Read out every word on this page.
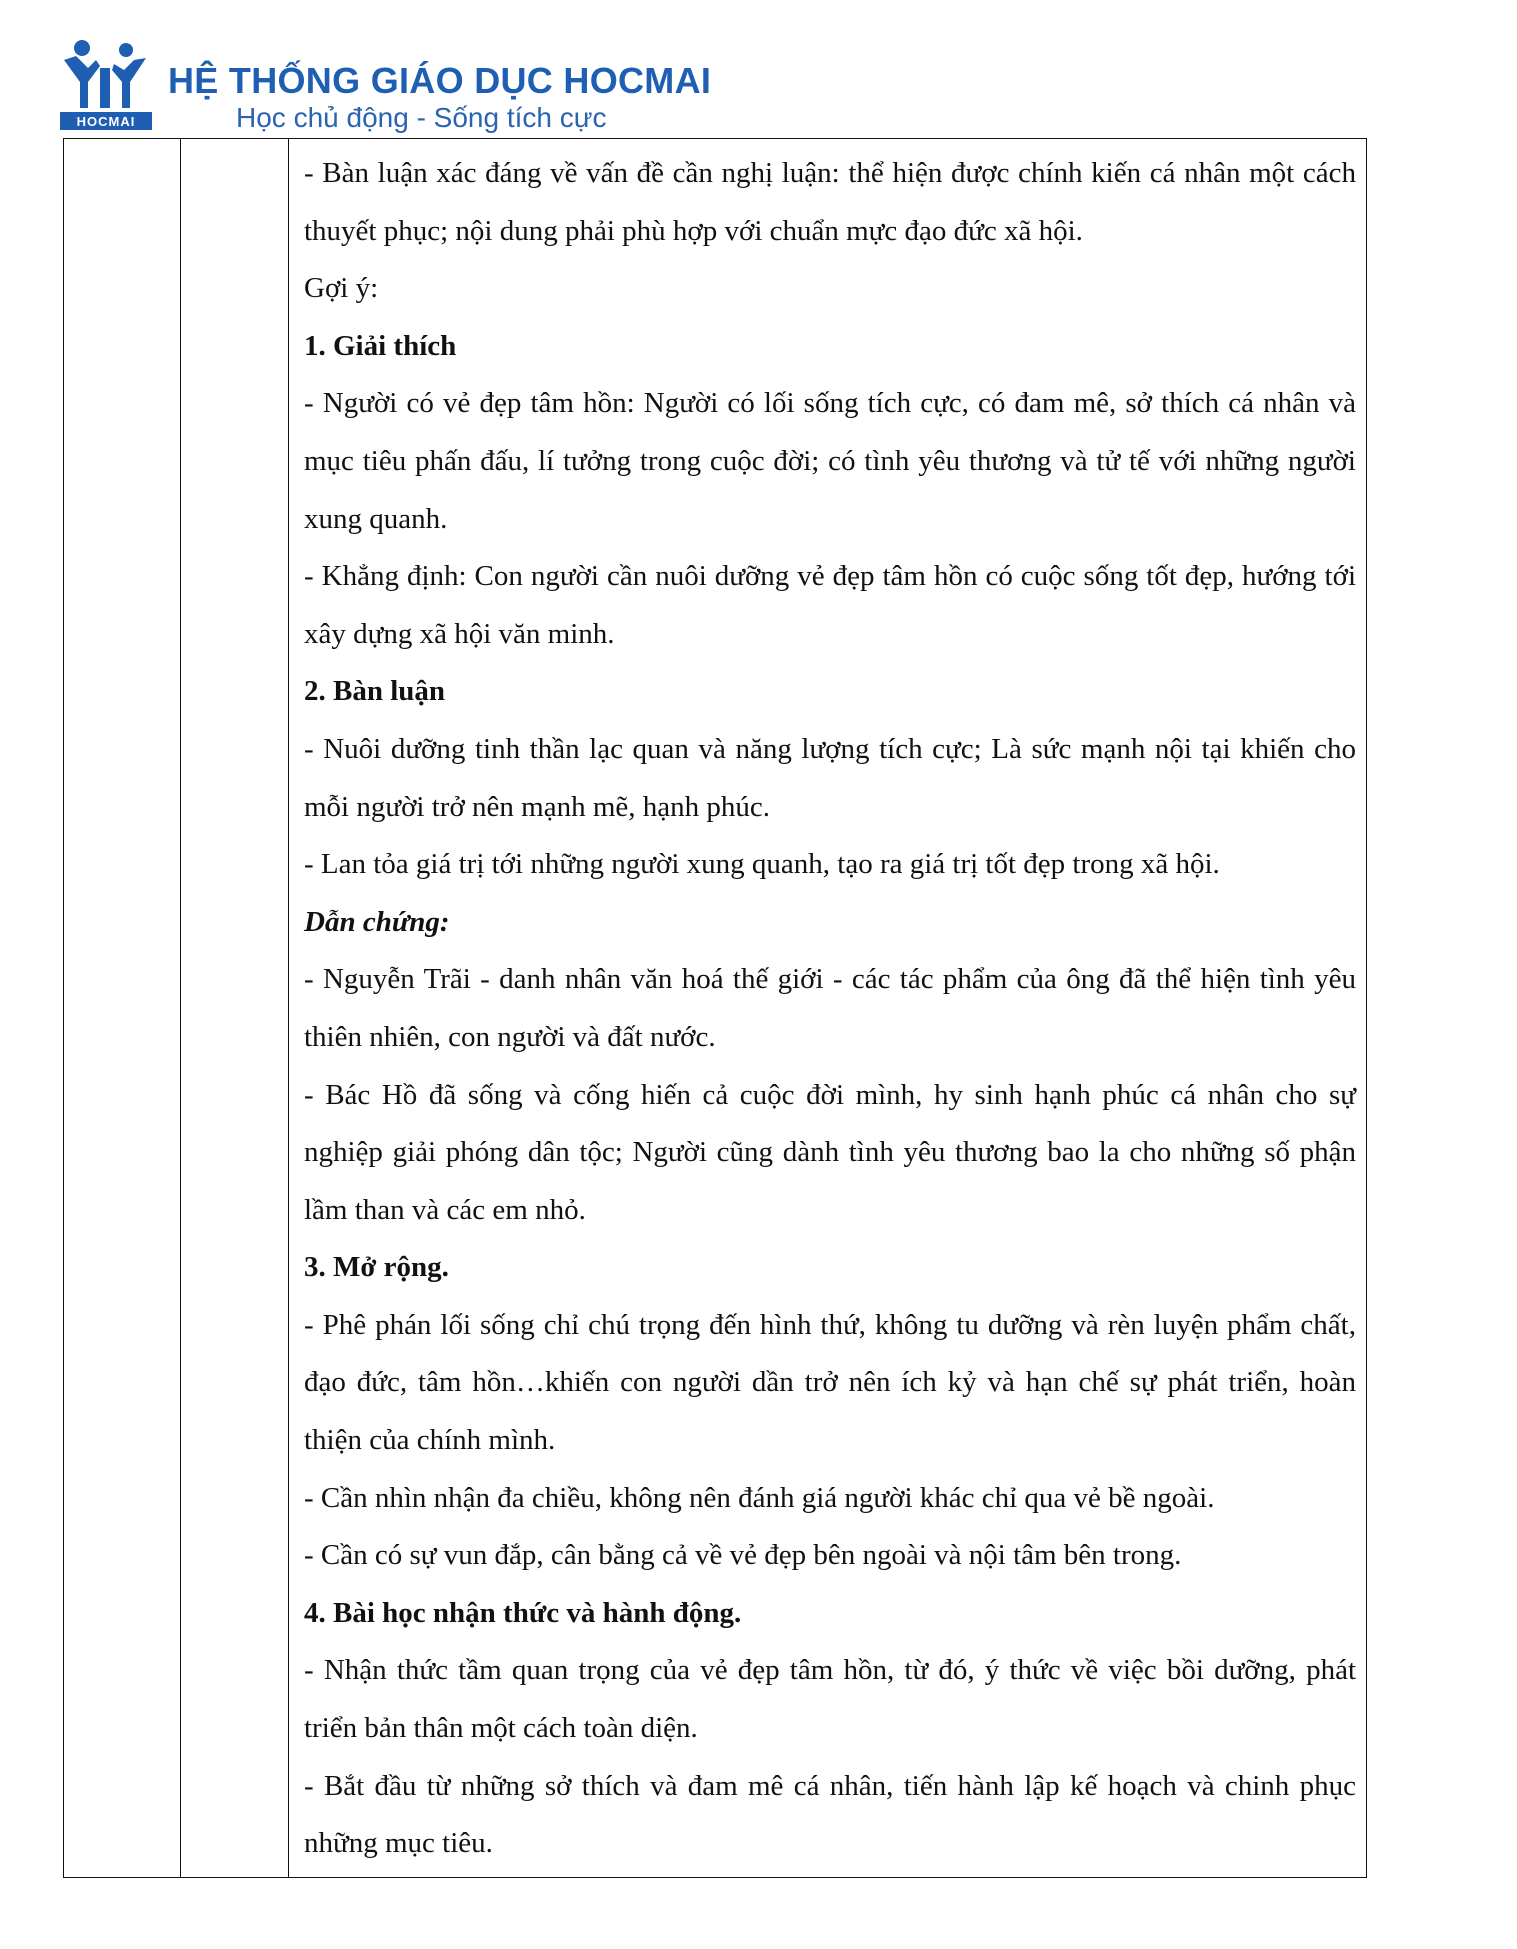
HOCMAI
HỆ THỐNG GIÁO DỤC HOCMAI
Học chủ động - Sống tích cực

- Bàn luận xác đáng về vấn đề cần nghị luận: thể hiện được chính kiến cá nhân một cách thuyết phục; nội dung phải phù hợp với chuẩn mực đạo đức xã hội.

Gợi ý:

1. Giải thích

- Người có vẻ đẹp tâm hồn: Người có lối sống tích cực, có đam mê, sở thích cá nhân và mục tiêu phấn đấu, lí tưởng trong cuộc đời; có tình yêu thương và tử tế với những người xung quanh.

- Khẳng định: Con người cần nuôi dưỡng vẻ đẹp tâm hồn có cuộc sống tốt đẹp, hướng tới xây dựng xã hội văn minh.

2. Bàn luận

- Nuôi dưỡng tinh thần lạc quan và năng lượng tích cực; Là sức mạnh nội tại khiến cho mỗi người trở nên mạnh mẽ, hạnh phúc.

- Lan tỏa giá trị tới những người xung quanh, tạo ra giá trị tốt đẹp trong xã hội.

Dẫn chứng:

- Nguyễn Trãi - danh nhân văn hoá thế giới - các tác phẩm của ông đã thể hiện tình yêu thiên nhiên, con người và đất nước.

- Bác Hồ đã sống và cống hiến cả cuộc đời mình, hy sinh hạnh phúc cá nhân cho sự nghiệp giải phóng dân tộc; Người cũng dành tình yêu thương bao la cho những số phận lầm than và các em nhỏ.

3. Mở rộng.

- Phê phán lối sống chỉ chú trọng đến hình thứ, không tu dưỡng và rèn luyện phẩm chất, đạo đức, tâm hồn…khiến con người dần trở nên ích kỷ và hạn chế sự phát triển, hoàn thiện của chính mình.

- Cần nhìn nhận đa chiều, không nên đánh giá người khác chỉ qua vẻ bề ngoài.

- Cần có sự vun đắp, cân bằng cả về vẻ đẹp bên ngoài và nội tâm bên trong.

4. Bài học nhận thức và hành động.

- Nhận thức tầm quan trọng của vẻ đẹp tâm hồn, từ đó, ý thức về việc bồi dưỡng, phát triển bản thân một cách toàn diện.

- Bắt đầu từ những sở thích và đam mê cá nhân, tiến hành lập kế hoạch và chinh phục những mục tiêu.
